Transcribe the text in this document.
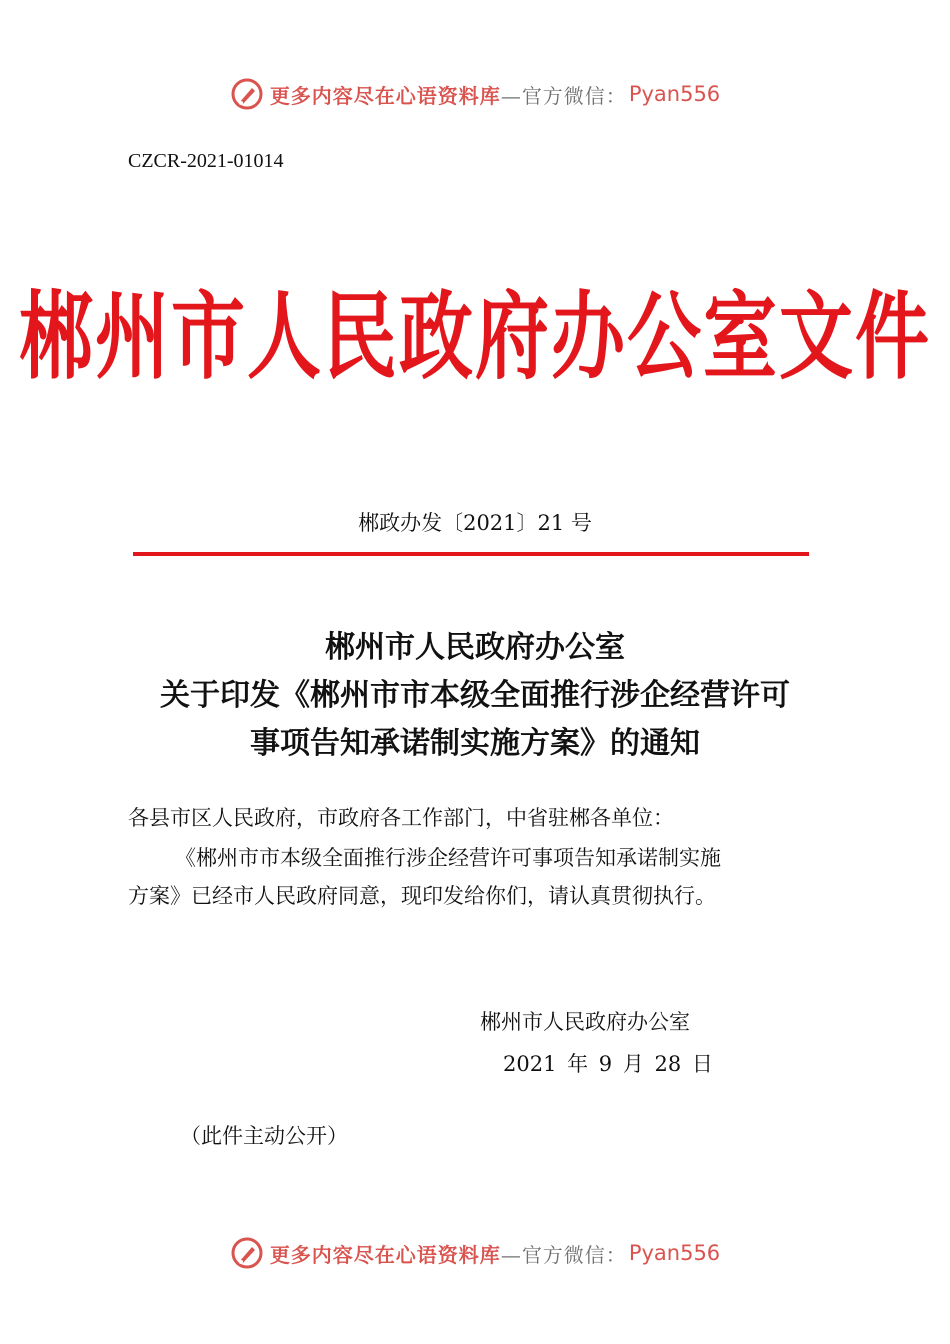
更多内容尽在心语资料库 —官方微信： Pyan556
CZCR-2021-01014
郴州市人民政府办公室文件
郴政办发〔2021〕21 号
郴州市人民政府办公室
关于印发《郴州市市本级全面推行涉企经营许可
事项告知承诺制实施方案》的通知
各县市区人民政府，市政府各工作部门，中省驻郴各单位：
《郴州市市本级全面推行涉企经营许可事项告知承诺制实施
方案》已经市人民政府同意，现印发给你们，请认真贯彻执行。
郴州市人民政府办公室
2021 年 9 月 28 日
（此件主动公开）
更多内容尽在心语资料库 —官方微信： Pyan556
